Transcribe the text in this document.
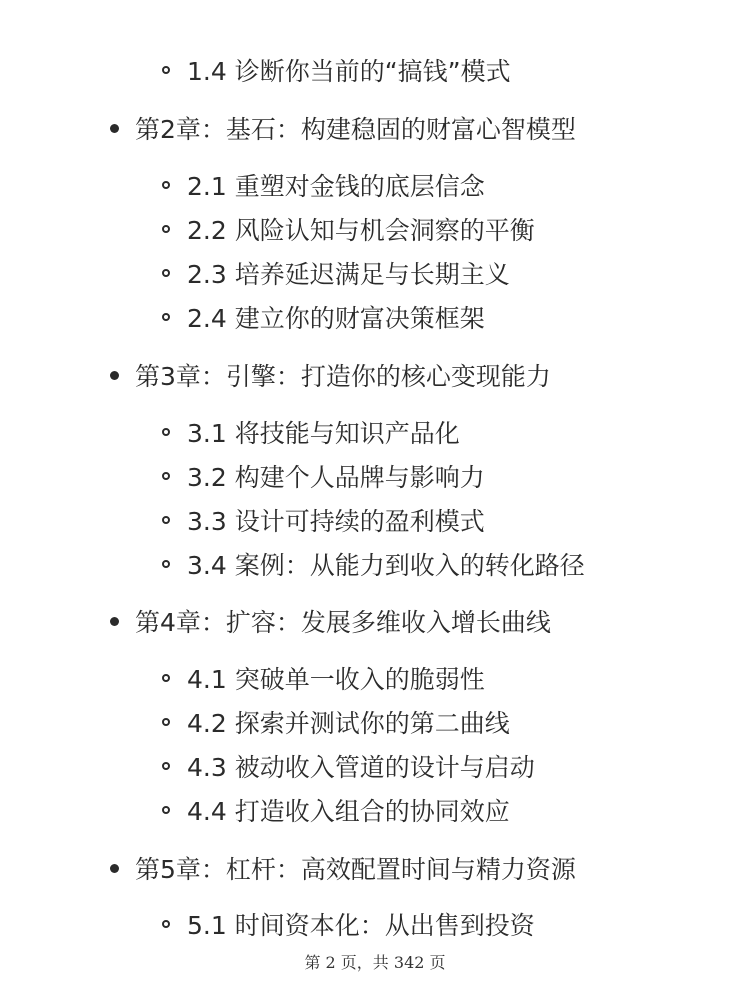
1.4 诊断你当前的“搞钱”模式
第2章：基石：构建稳固的财富心智模型
2.1 重塑对金钱的底层信念
2.2 风险认知与机会洞察的平衡
2.3 培养延迟满足与长期主义
2.4 建立你的财富决策框架
第3章：引擎：打造你的核心变现能力
3.1 将技能与知识产品化
3.2 构建个人品牌与影响力
3.3 设计可持续的盈利模式
3.4 案例：从能力到收入的转化路径
第4章：扩容：发展多维收入增长曲线
4.1 突破单一收入的脆弱性
4.2 探索并测试你的第二曲线
4.3 被动收入管道的设计与启动
4.4 打造收入组合的协同效应
第5章：杠杆：高效配置时间与精力资源
5.1 时间资本化：从出售到投资
第 2 页，共 342 页
